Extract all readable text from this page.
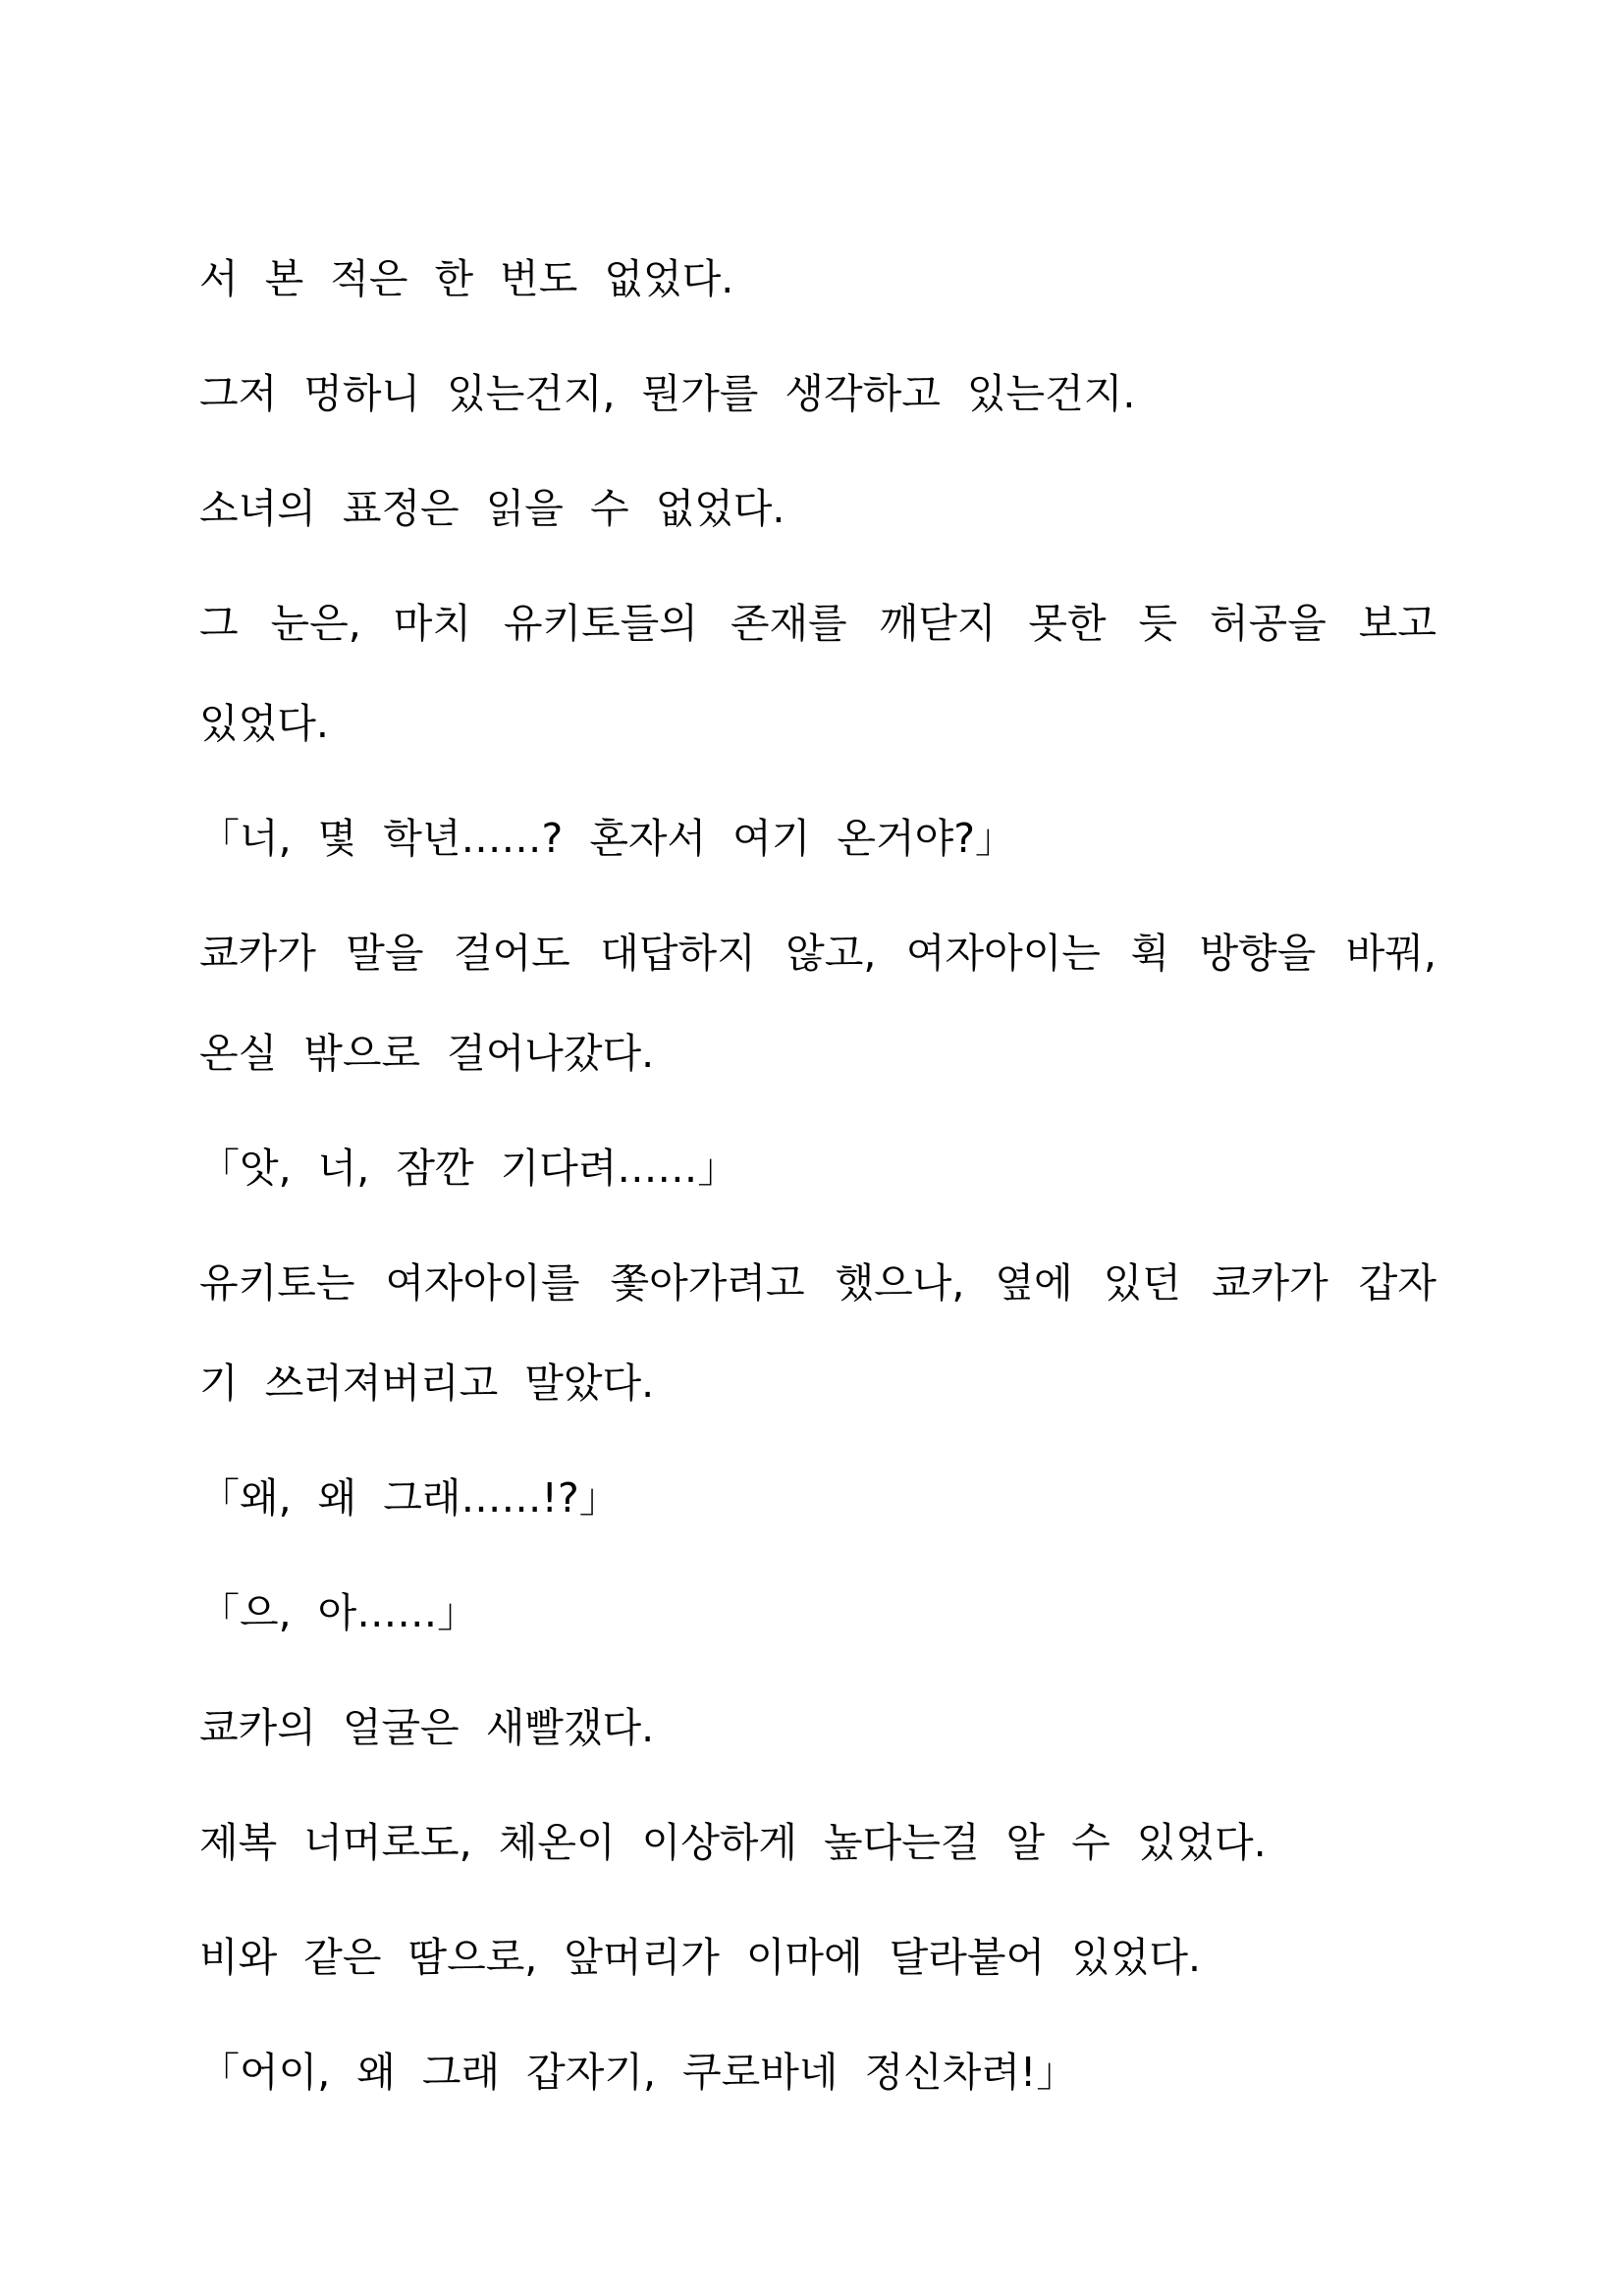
서 본 적은 한 번도 없었다.

그저 멍하니 있는건지, 뭔가를 생각하고 있는건지.

소녀의 표정은 읽을 수 없었다.

그 눈은, 마치 유키토들의 존재를 깨닫지 못한 듯 허공을 보고 있었다.

「너, 몇 학년……? 혼자서 여기 온거야?」

쿄카가 말을 걸어도 대답하지 않고, 여자아이는 휙 방향을 바꿔, 온실 밖으로 걸어나갔다.

「앗, 너, 잠깐 기다려……」

유키토는 여자아이를 쫓아가려고 했으나, 옆에 있던 쿄카가 갑자기 쓰러져버리고 말았다.

「왜, 왜 그래……!?」

「으, 아……」

쿄카의 얼굴은 새빨갰다.

제복 너머로도, 체온이 이상하게 높다는걸 알 수 있었다.

비와 같은 땀으로, 앞머리가 이마에 달라붙어 있었다.

「어이, 왜 그래 갑자기, 쿠로바네 정신차려!」
